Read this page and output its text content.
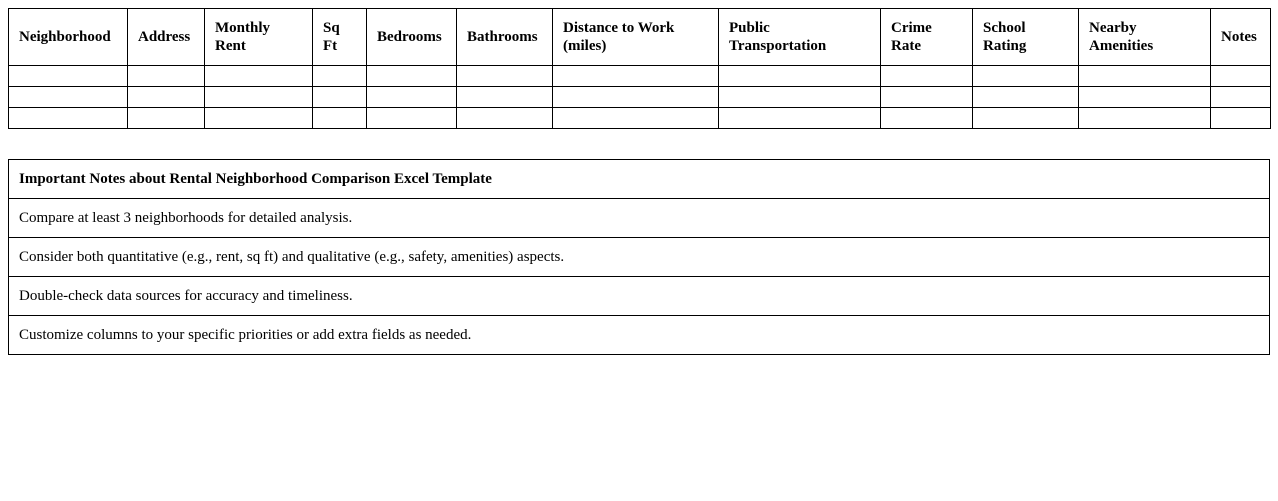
Neighborhood	Address	Monthly Rent	Sq Ft	Bedrooms	Bathrooms	Distance to Work (miles)	Public Transportation	Crime Rate	School Rating	Nearby Amenities	Notes

Important Notes about Rental Neighborhood Comparison Excel Template
Compare at least 3 neighborhoods for detailed analysis.
Consider both quantitative (e.g., rent, sq ft) and qualitative (e.g., safety, amenities) aspects.
Double-check data sources for accuracy and timeliness.
Customize columns to your specific priorities or add extra fields as needed.
